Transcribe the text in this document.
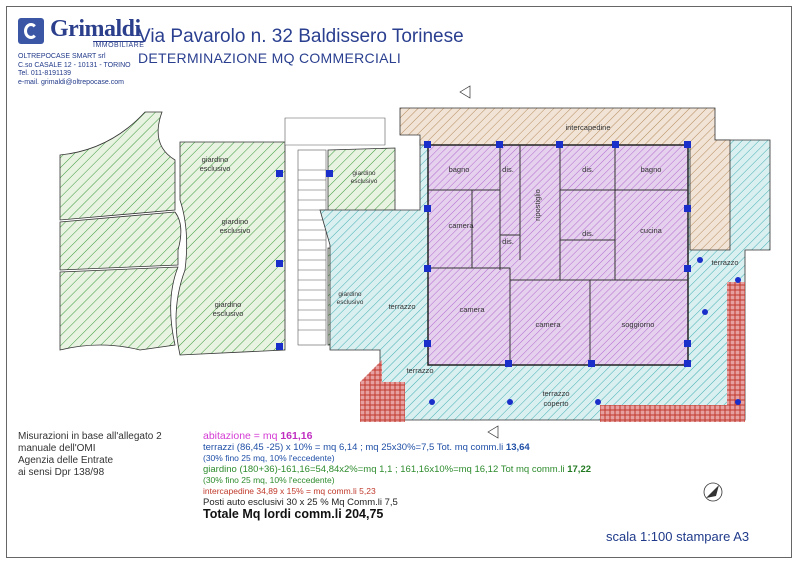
Grimaldi
IMMOBILIARE
OLTREPOCASE SMART srl
C.so CASALE 12 - 10131 - TORINO
Tel. 011-8191139
e-mail. grimaldi@oltrepocase.com
Via Pavarolo n. 32 Baldissero Torinese
DETERMINAZIONE MQ COMMERCIALI
giardino
esclusivo
giardino
esclusivo
giardino
esclusivo
giardino
esclusivo
giardino
esclusivo
intercapedine
bagno	dis.	dis.	bagno
ripostiglio
camera
dis.
dis.	cucina
terrazzo
terrazzo	camera
camera	soggiorno
terrazzo
terrazzo
coperto
Misurazioni in base all'allegato 2
manuale dell'OMI
Agenzia delle Entrate
ai sensi Dpr 138/98
abitazione = mq 161,16
terrazzi (86,45 -25) x 10% = mq 6,14 ; mq 25x30%=7,5 Tot. mq comm.li 13,64
(30% fino 25 mq, 10% l'eccedente)
giardino (180+36)-161,16=54,84x2%=mq 1,1 ; 161,16x10%=mq 16,12 Tot mq comm.li 17,22
(30% fino 25 mq, 10% l'eccedente)
intercapedine 34,89 x 15% = mq comm.li 5,23
Posti auto esclusivi 30 x 25 % Mq Comm.li 7,5
Totale Mq lordi comm.li 204,75
scala 1:100 stampare A3
